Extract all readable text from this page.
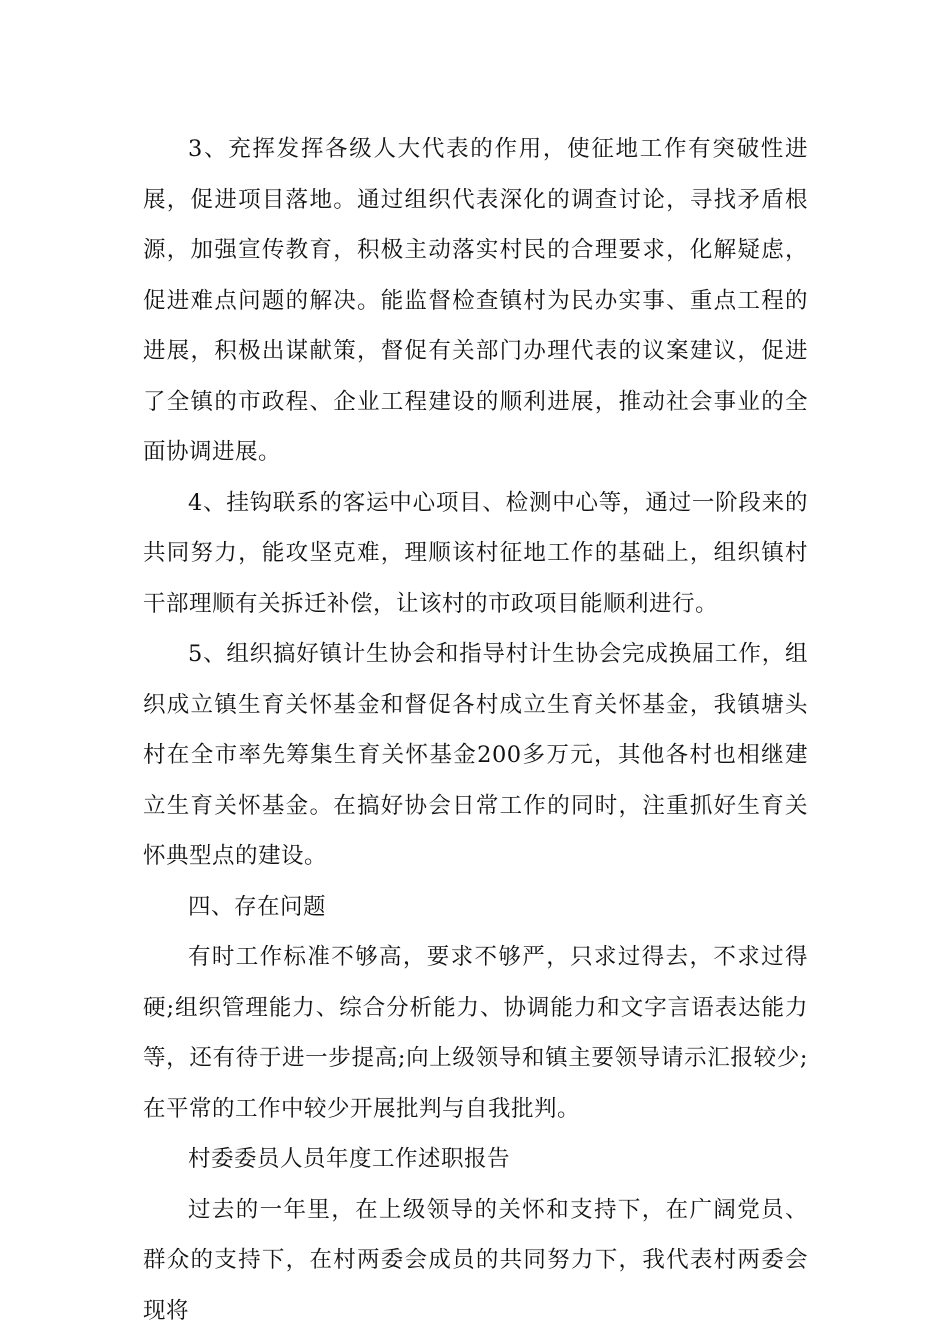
3、充挥发挥各级人大代表的作用，使征地工作有突破性进展，促进项目落地。通过组织代表深化的调查讨论，寻找矛盾根源，加强宣传教育，积极主动落实村民的合理要求，化解疑虑，促进难点问题的解决。能监督检查镇村为民办实事、重点工程的进展，积极出谋献策，督促有关部门办理代表的议案建议，促进了全镇的市政程、企业工程建设的顺利进展，推动社会事业的全面协调进展。

4、挂钩联系的客运中心项目、检测中心等，通过一阶段来的共同努力，能攻坚克难，理顺该村征地工作的基础上，组织镇村干部理顺有关拆迁补偿，让该村的市政项目能顺利进行。

5、组织搞好镇计生协会和指导村计生协会完成换届工作，组织成立镇生育关怀基金和督促各村成立生育关怀基金，我镇塘头村在全市率先筹集生育关怀基金200多万元，其他各村也相继建立生育关怀基金。在搞好协会日常工作的同时，注重抓好生育关怀典型点的建设。

四、存在问题

有时工作标准不够高，要求不够严，只求过得去，不求过得硬;组织管理能力、综合分析能力、协调能力和文字言语表达能力等，还有待于进一步提高;向上级领导和镇主要领导请示汇报较少;在平常的工作中较少开展批判与自我批判。

村委委员人员年度工作述职报告

过去的一年里，在上级领导的关怀和支持下，在广阔党员、群众的支持下，在村两委会成员的共同努力下，我代表村两委会现将
